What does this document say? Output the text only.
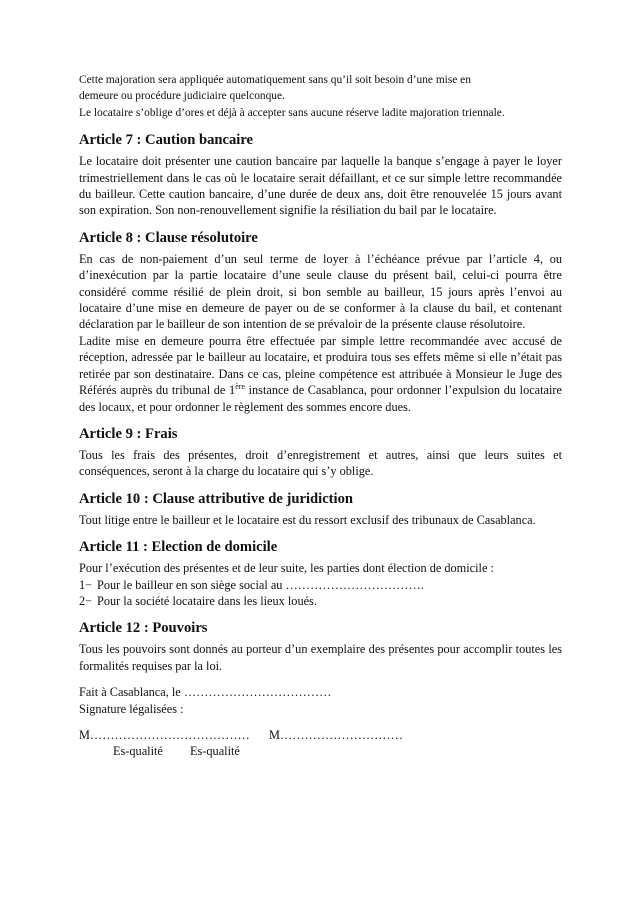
Cette majoration sera appliquée automatiquement sans qu’il soit besoin d’une mise en

demeure ou procédure judiciaire quelconque.

Le locataire s’oblige d’ores et déjà à accepter sans aucune réserve ladite majoration triennale.

Article 7 : Caution bancaire

Le locataire doit présenter une caution bancaire par laquelle la banque s’engage à payer le loyer trimestriellement dans le cas où le locataire serait défaillant, et ce sur simple lettre recommandée du bailleur. Cette caution bancaire, d’une durée de deux ans, doit être renouvelée 15 jours avant son expiration. Son non-renouvellement signifie la résiliation du bail par le locataire.

Article 8 : Clause résolutoire

En cas de non-paiement d’un seul terme de loyer à l’échéance prévue par l’article 4, ou d’inexécution par la partie locataire d’une seule clause du présent bail, celui-ci pourra être considéré comme résilié de plein droit, si bon semble au bailleur, 15 jours après l’envoi au locataire d’une mise en demeure de payer ou de se conformer à la clause du bail, et contenant déclaration par le bailleur de son intention de se prévaloir de la présente clause résolutoire.

Ladite mise en demeure pourra être effectuée par simple lettre recommandée avec accusé de réception, adressée par le bailleur au locataire, et produira tous ses effets même si elle n’était pas retirée par son destinataire. Dans ce cas, pleine compétence est attribuée à Monsieur le Juge des Référés auprès du tribunal de 1ère instance de Casablanca, pour ordonner l’expulsion du locataire des locaux, et pour ordonner le règlement des sommes encore dues.

Article 9 : Frais

Tous les frais des présentes, droit d’enregistrement et autres, ainsi que leurs suites et conséquences, seront à la charge du locataire qui s’y oblige.

Article 10 : Clause attributive de juridiction

Tout litige entre le bailleur et le locataire est du ressort exclusif des tribunaux de Casablanca.

Article 11 : Election de domicile

Pour l’exécution des présentes et de leur suite, les parties dont élection de domicile :

1− Pour le bailleur en son siège social au …………………………….

2− Pour la société locataire dans les lieux loués.

Article 12 : Pouvoirs

Tous les pouvoirs sont donnés au porteur d’un exemplaire des présentes pour accomplir toutes les formalités requises par la loi.

Fait à Casablanca, le ………………………………

Signature légalisées :

M………………………………… M…………………………

Es-qualité Es-qualité
